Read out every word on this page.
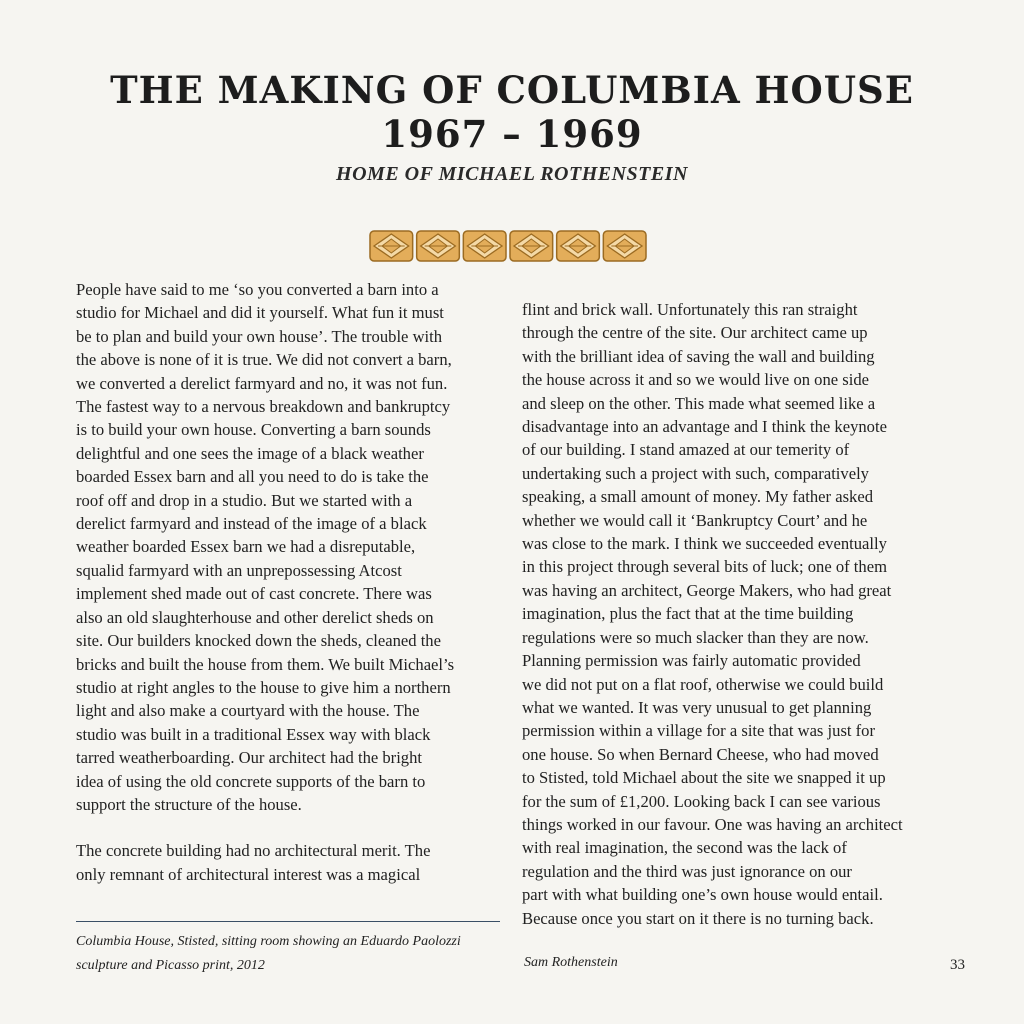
THE MAKING OF COLUMBIA HOUSE
1967 – 1969
HOME OF MICHAEL ROTHENSTEIN

People have said to me ‘so you converted a barn into a
studio for Michael and did it yourself. What fun it must
be to plan and build your own house’. The trouble with
the above is none of it is true. We did not convert a barn,
we converted a derelict farmyard and no, it was not fun.
The fastest way to a nervous breakdown and bankruptcy
is to build your own house. Converting a barn sounds
delightful and one sees the image of a black weather
boarded Essex barn and all you need to do is take the
roof off and drop in a studio. But we started with a
derelict farmyard and instead of the image of a black
weather boarded Essex barn we had a disreputable,
squalid farmyard with an unprepossessing Atcost
implement shed made out of cast concrete. There was
also an old slaughterhouse and other derelict sheds on
site. Our builders knocked down the sheds, cleaned the
bricks and built the house from them. We built Michael’s
studio at right angles to the house to give him a northern
light and also make a courtyard with the house. The
studio was built in a traditional Essex way with black
tarred weatherboarding. Our architect had the bright
idea of using the old concrete supports of the barn to
support the structure of the house.

The concrete building had no architectural merit. The
only remnant of architectural interest was a magical

flint and brick wall. Unfortunately this ran straight
through the centre of the site. Our architect came up
with the brilliant idea of saving the wall and building
the house across it and so we would live on one side
and sleep on the other. This made what seemed like a
disadvantage into an advantage and I think the keynote
of our building. I stand amazed at our temerity of
undertaking such a project with such, comparatively
speaking, a small amount of money. My father asked
whether we would call it ‘Bankruptcy Court’ and he
was close to the mark. I think we succeeded eventually
in this project through several bits of luck; one of them
was having an architect, George Makers, who had great
imagination, plus the fact that at the time building
regulations were so much slacker than they are now.
Planning permission was fairly automatic provided
we did not put on a flat roof, otherwise we could build
what we wanted. It was very unusual to get planning
permission within a village for a site that was just for
one house. So when Bernard Cheese, who had moved
to Stisted, told Michael about the site we snapped it up
for the sum of £1,200. Looking back I can see various
things worked in our favour. One was having an architect
with real imagination, the second was the lack of
regulation and the third was just ignorance on our
part with what building one’s own house would entail.
Because once you start on it there is no turning back.

Columbia House, Stisted, sitting room showing an Eduardo Paolozzi
sculpture and Picasso print, 2012	Sam Rothenstein	33
